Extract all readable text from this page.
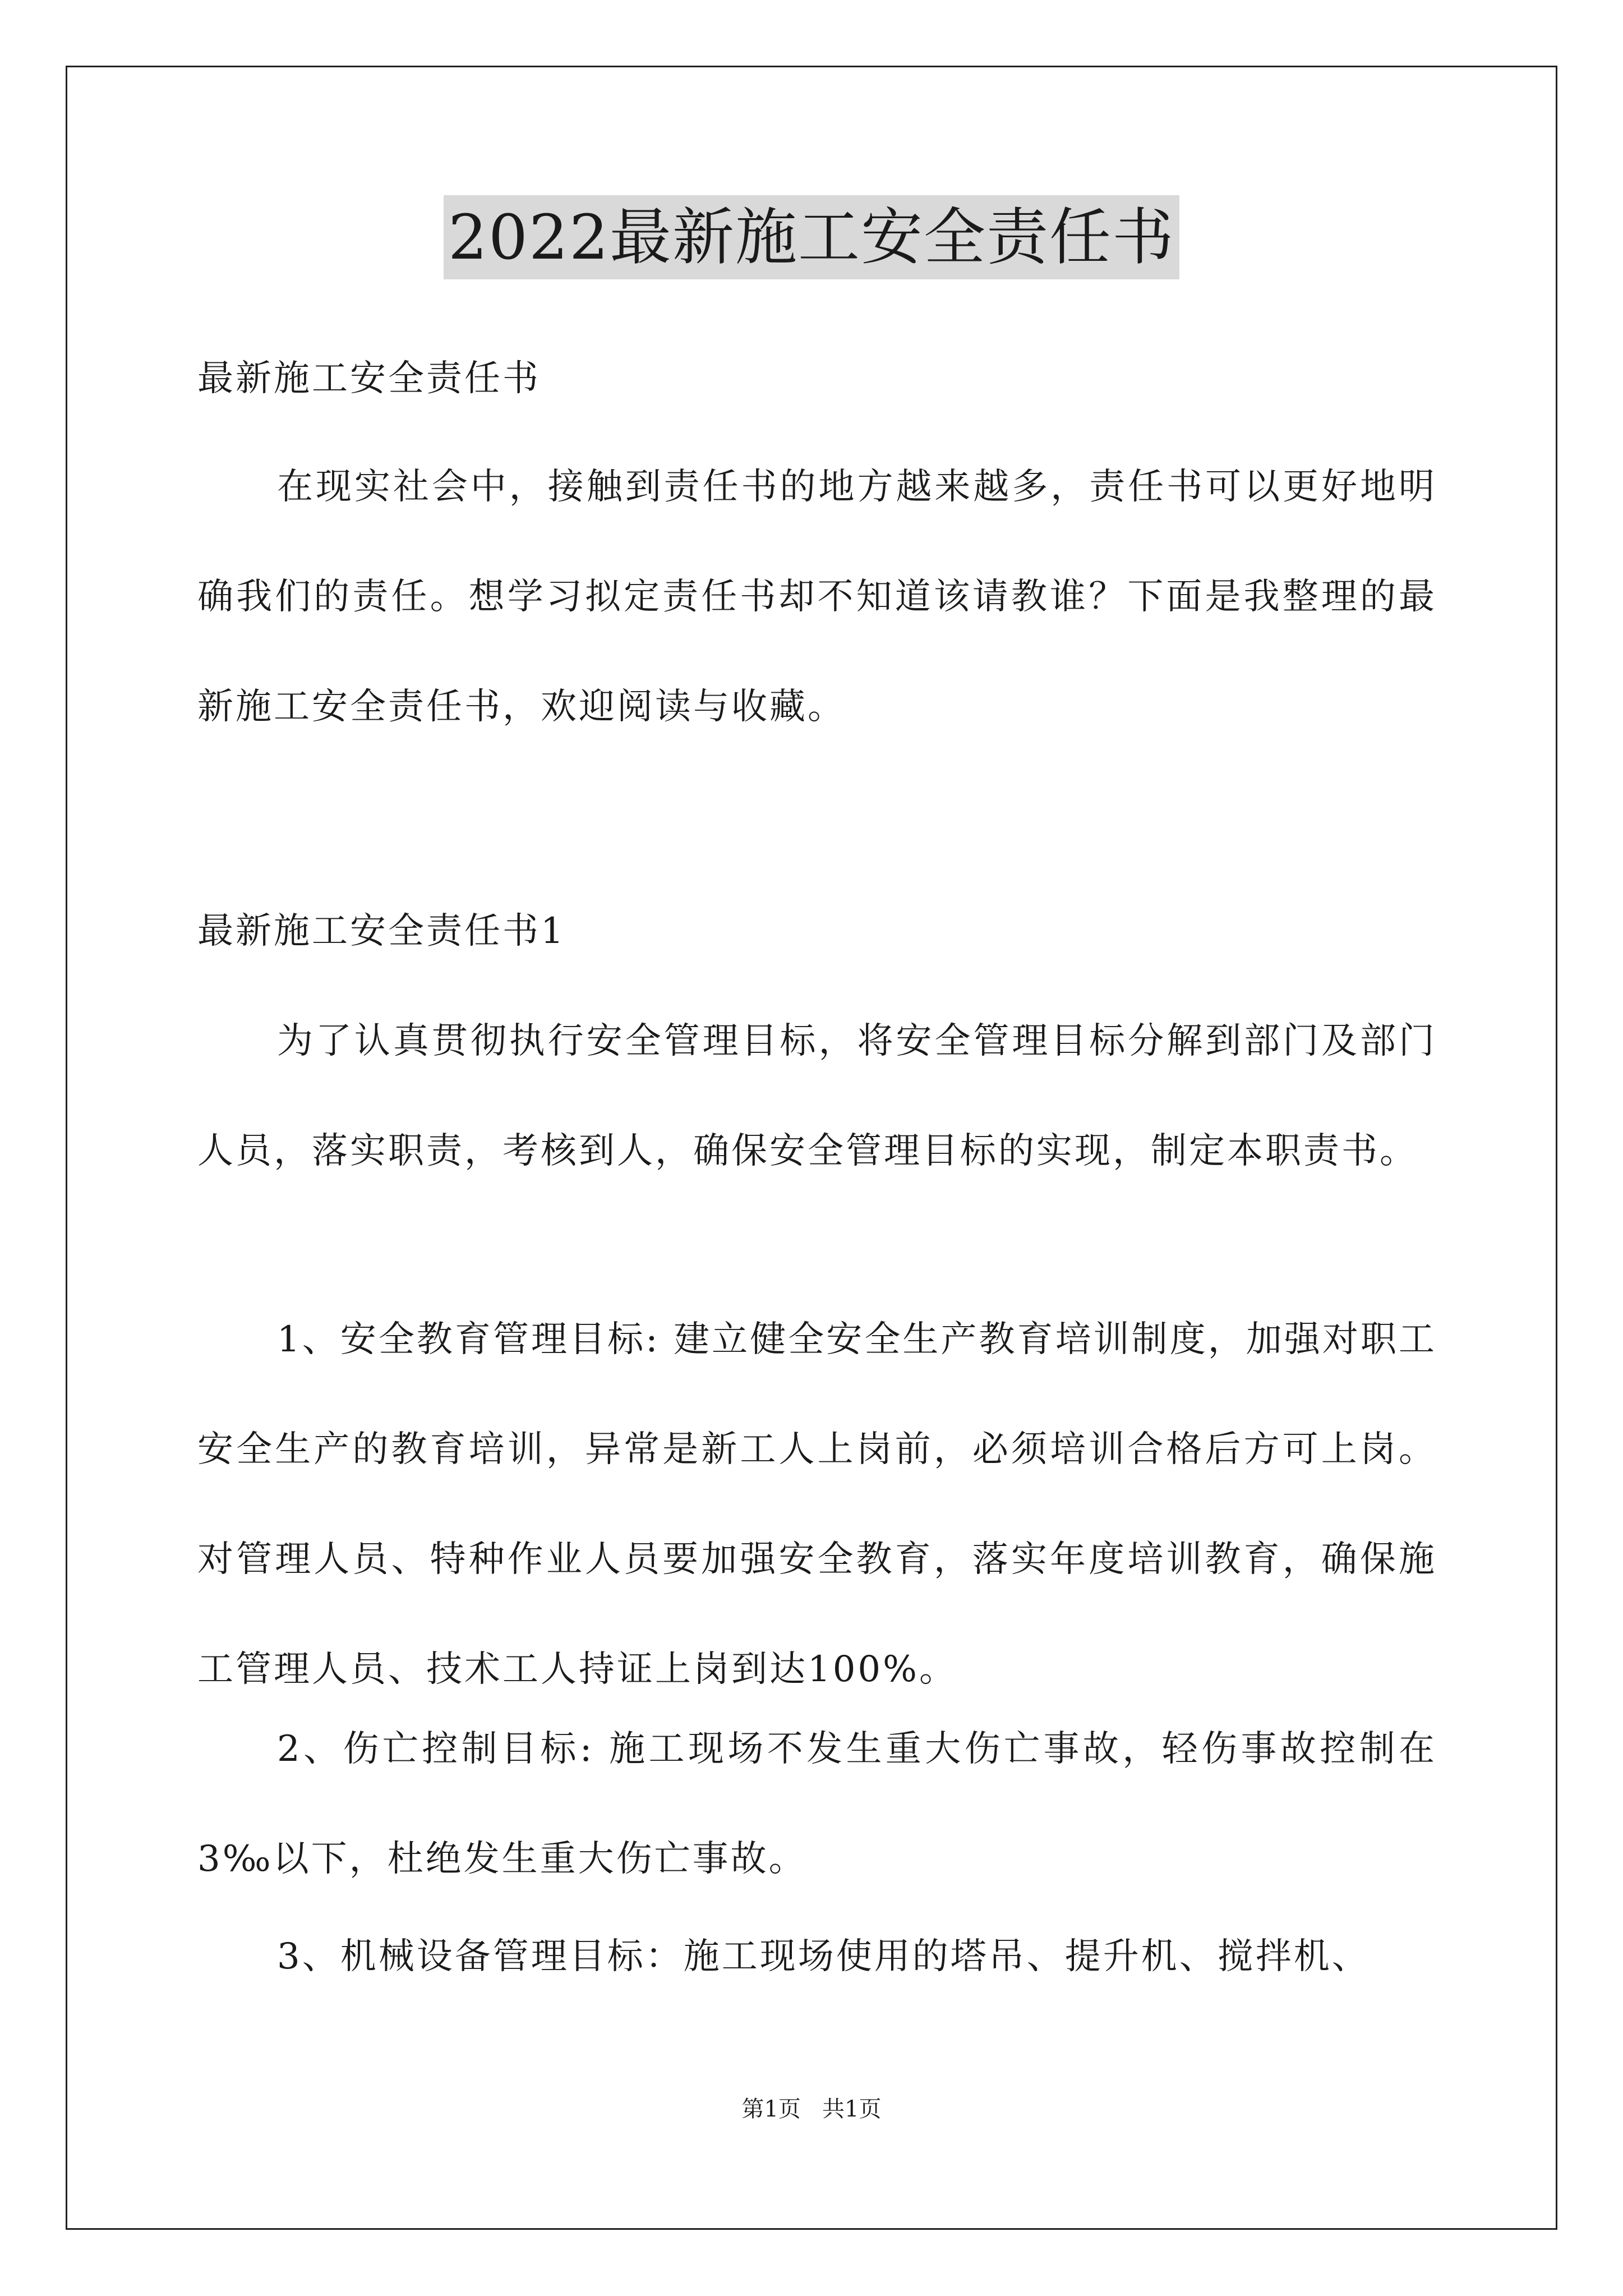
2022最新施工安全责任书
最新施工安全责任书
在现实社会中，接触到责任书的地方越来越多，责任书可以更好地明确我们的责任。想学习拟定责任书却不知道该请教谁？下面是我整理的最新施工安全责任书，欢迎阅读与收藏。
最新施工安全责任书1
为了认真贯彻执行安全管理目标，将安全管理目标分解到部门及部门人员，落实职责，考核到人，确保安全管理目标的实现，制定本职责书。
1、安全教育管理目标: 建立健全安全生产教育培训制度，加强对职工安全生产的教育培训，异常是新工人上岗前，必须培训合格后方可上岗。对管理人员、特种作业人员要加强安全教育，落实年度培训教育，确保施工管理人员、技术工人持证上岗到达100%。
2、伤亡控制目标: 施工现场不发生重大伤亡事故，轻伤事故控制在3‰以下，杜绝发生重大伤亡事故。
3、机械设备管理目标：施工现场使用的塔吊、提升机、搅拌机、
第1页   共1页
